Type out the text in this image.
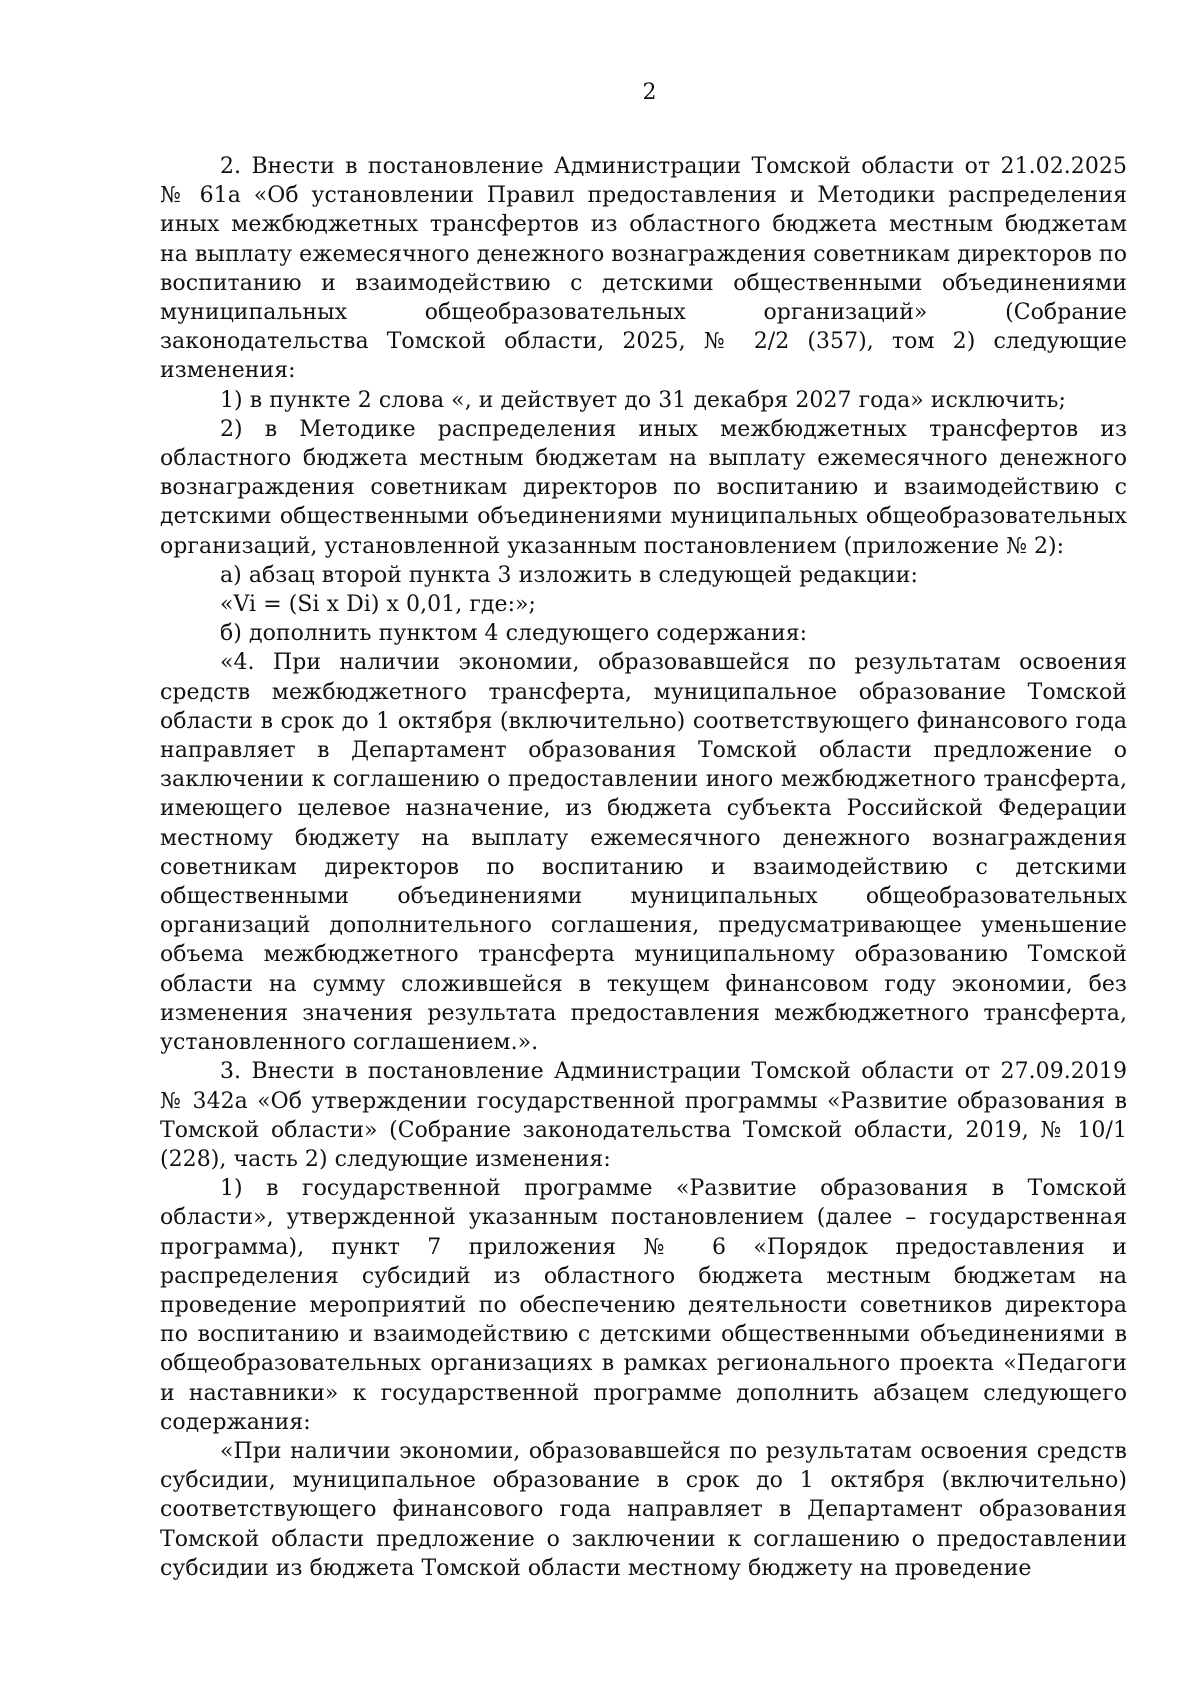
2

2. Внести в постановление Администрации Томской области от 21.02.2025 № 61а «Об установлении Правил предоставления и Методики распределения иных межбюджетных трансфертов из областного бюджета местным бюджетам на выплату ежемесячного денежного вознаграждения советникам директоров по воспитанию и взаимодействию с детскими общественными объединениями муниципальных общеобразовательных организаций» (Собрание законодательства Томской области, 2025, № 2/2 (357), том 2) следующие изменения:

1) в пункте 2 слова «, и действует до 31 декабря 2027 года» исключить;

2) в Методике распределения иных межбюджетных трансфертов из областного бюджета местным бюджетам на выплату ежемесячного денежного вознаграждения советникам директоров по воспитанию и взаимодействию с детскими общественными объединениями муниципальных общеобразовательных организаций, установленной указанным постановлением (приложение № 2):

а) абзац второй пункта 3 изложить в следующей редакции:

«Vi = (Si x Di) x 0,01, где:»;

б) дополнить пунктом 4 следующего содержания:

«4. При наличии экономии, образовавшейся по результатам освоения средств межбюджетного трансферта, муниципальное образование Томской области в срок до 1 октября (включительно) соответствующего финансового года направляет в Департамент образования Томской области предложение о заключении к соглашению о предоставлении иного межбюджетного трансферта, имеющего целевое назначение, из бюджета субъекта Российской Федерации местному бюджету на выплату ежемесячного денежного вознаграждения советникам директоров по воспитанию и взаимодействию с детскими общественными объединениями муниципальных общеобразовательных организаций дополнительного соглашения, предусматривающее уменьшение объема межбюджетного трансферта муниципальному образованию Томской области на сумму сложившейся в текущем финансовом году экономии, без изменения значения результата предоставления межбюджетного трансферта, установленного соглашением.».

3. Внести в постановление Администрации Томской области от 27.09.2019 № 342а «Об утверждении государственной программы «Развитие образования в Томской области» (Собрание законодательства Томской области, 2019, № 10/1 (228), часть 2) следующие изменения:

1) в государственной программе «Развитие образования в Томской области», утвержденной указанным постановлением (далее – государственная программа), пункт 7 приложения № 6 «Порядок предоставления и распределения субсидий из областного бюджета местным бюджетам на проведение мероприятий по обеспечению деятельности советников директора по воспитанию и взаимодействию с детскими общественными объединениями в общеобразовательных организациях в рамках регионального проекта «Педагоги и наставники» к государственной программе дополнить абзацем следующего содержания:

«При наличии экономии, образовавшейся по результатам освоения средств субсидии, муниципальное образование в срок до 1 октября (включительно) соответствующего финансового года направляет в Департамент образования Томской области предложение о заключении к соглашению о предоставлении субсидии из бюджета Томской области местному бюджету на проведение
